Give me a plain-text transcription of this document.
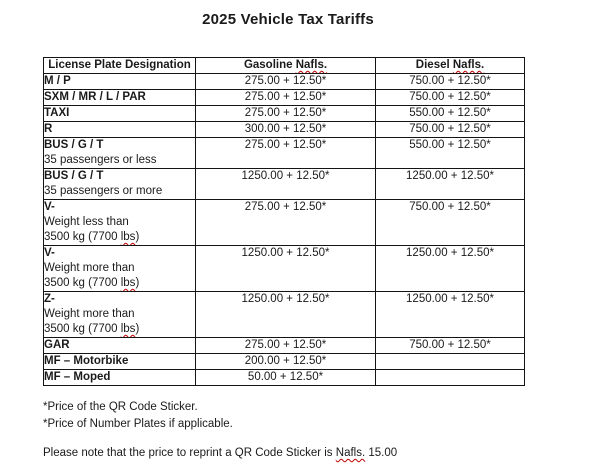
2025 Vehicle Tax Tariffs
License Plate Designation	Gasoline Nafls.	Diesel Nafls.

M / P	275.00 + 12.50*	750.00 + 12.50*

SXM / MR / L / PAR	275.00 + 12.50*	750.00 + 12.50*

TAXI	275.00 + 12.50*	550.00 + 12.50*

R	300.00 + 12.50*	750.00 + 12.50*

BUS / G / T
35 passengers or less	275.00 + 12.50*	550.00 + 12.50*

BUS / G / T
35 passengers or more	1250.00 + 12.50*	1250.00 + 12.50*

V-
Weight less than
3500 kg (7700 lbs)	275.00 + 12.50*	750.00 + 12.50*

V-
Weight more than
3500 kg (7700 lbs)	1250.00 + 12.50*	1250.00 + 12.50*

Z-
Weight more than
3500 kg (7700 lbs)	1250.00 + 12.50*	1250.00 + 12.50*

GAR	275.00 + 12.50*	750.00 + 12.50*

MF – Motorbike	200.00 + 12.50*	

MF – Moped	50.00 + 12.50*	

*Price of the QR Code Sticker.

*Price of Number Plates if applicable.

Please note that the price to reprint a QR Code Sticker is Nafls. 15.00
